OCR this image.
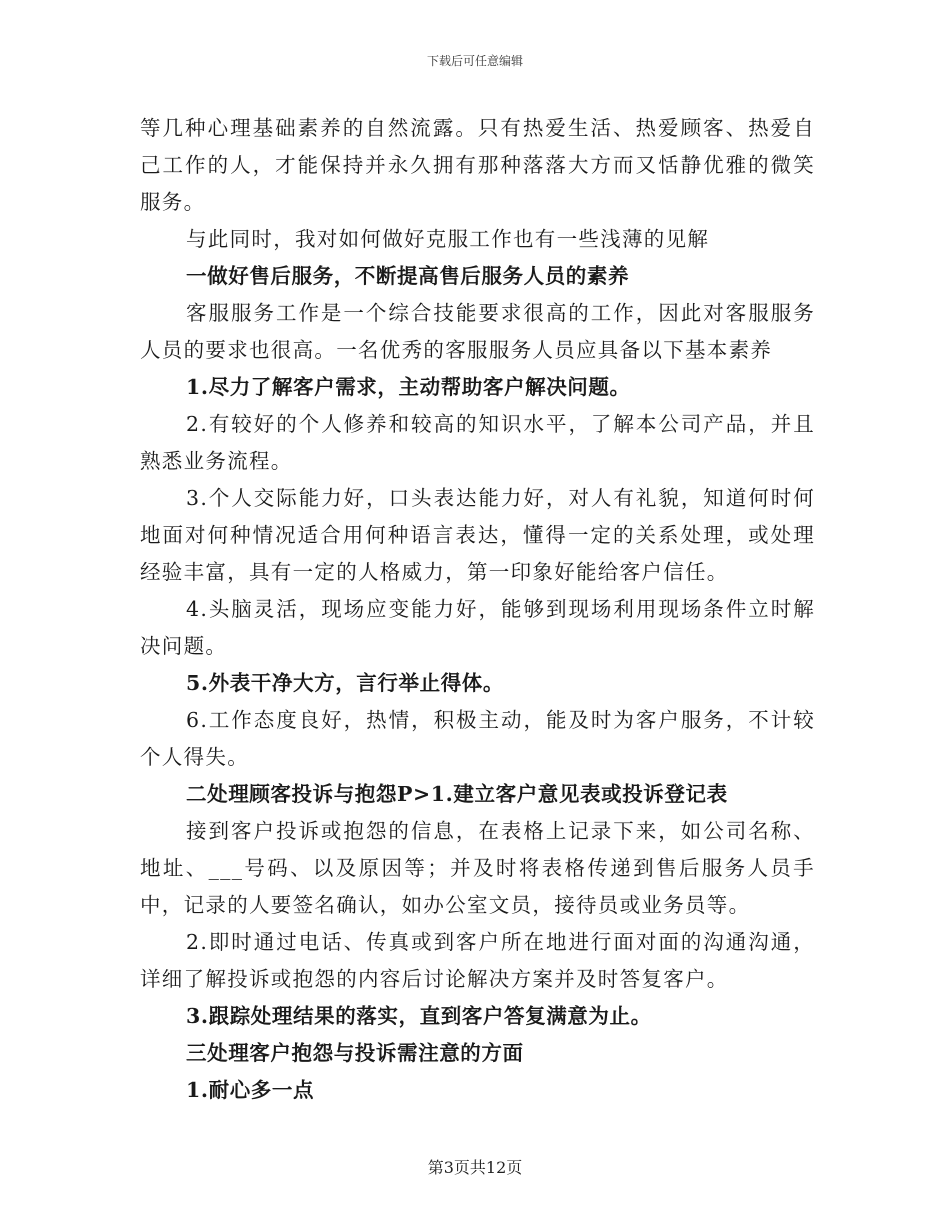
下载后可任意编辑

等几种心理基础素养的自然流露。只有热爱生活、热爱顾客、热爱自己工作的人，才能保持并永久拥有那种落落大方而又恬静优雅的微笑服务。

与此同时，我对如何做好克服工作也有一些浅薄的见解

一做好售后服务，不断提高售后服务人员的素养

客服服务工作是一个综合技能要求很高的工作，因此对客服服务人员的要求也很高。一名优秀的客服服务人员应具备以下基本素养

1.尽力了解客户需求，主动帮助客户解决问题。

2.有较好的个人修养和较高的知识水平，了解本公司产品，并且熟悉业务流程。

3.个人交际能力好，口头表达能力好，对人有礼貌，知道何时何地面对何种情况适合用何种语言表达，懂得一定的关系处理，或处理经验丰富，具有一定的人格威力，第一印象好能给客户信任。

4.头脑灵活，现场应变能力好，能够到现场利用现场条件立时解决问题。

5.外表干净大方，言行举止得体。

6.工作态度良好，热情，积极主动，能及时为客户服务，不计较个人得失。

二处理顾客投诉与抱怨P>1.建立客户意见表或投诉登记表

接到客户投诉或抱怨的信息，在表格上记录下来，如公司名称、地址、___号码、以及原因等；并及时将表格传递到售后服务人员手中，记录的人要签名确认，如办公室文员，接待员或业务员等。

2.即时通过电话、传真或到客户所在地进行面对面的沟通沟通，详细了解投诉或抱怨的内容后讨论解决方案并及时答复客户。

3.跟踪处理结果的落实，直到客户答复满意为止。

三处理客户抱怨与投诉需注意的方面

1.耐心多一点

第3页共12页
